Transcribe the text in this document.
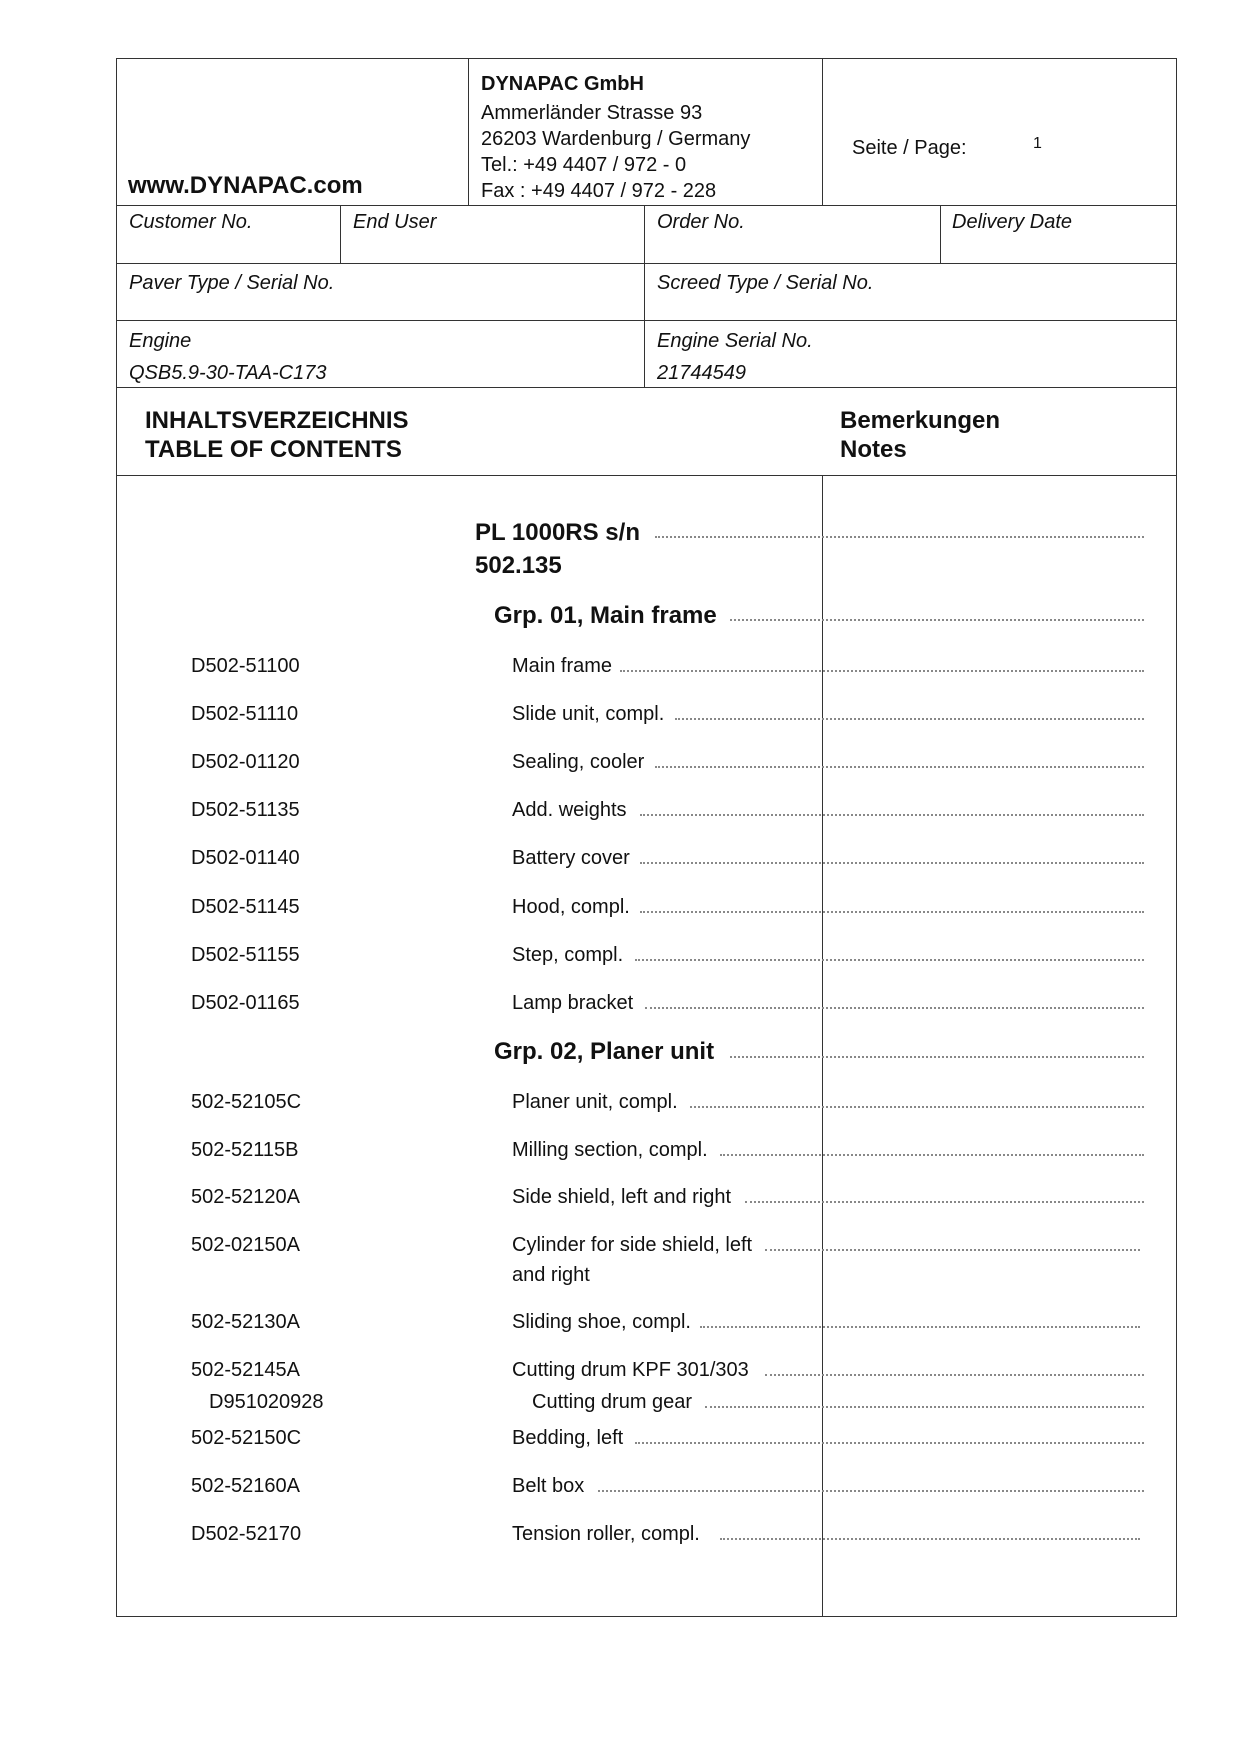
www.DYNAPAC.com
DYNAPAC GmbH
Ammerländer Strasse 93
26203 Wardenburg / Germany
Tel.: +49 4407 / 972 - 0
Fax : +49 4407 / 972 - 228
Seite / Page:	1
Customer No.	End User	Order No.	Delivery Date
Paver Type / Serial No.	Screed Type / Serial No.
Engine
QSB5.9-30-TAA-C173
Engine Serial No.
21744549
INHALTSVERZEICHNIS
TABLE OF CONTENTS
Bemerkungen
Notes
PL 1000RS s/n
502.135
Grp. 01, Main frame
D502-51100	Main frame
D502-51110	Slide unit, compl.
D502-01120	Sealing, cooler
D502-51135	Add. weights
D502-01140	Battery cover
D502-51145	Hood, compl.
D502-51155	Step, compl.
D502-01165	Lamp bracket
Grp. 02, Planer unit
502-52105C	Planer unit, compl.
502-52115B	Milling section, compl.
502-52120A	Side shield, left and right
502-02150A	Cylinder for side shield, left
and right
502-52130A	Sliding shoe, compl.
502-52145A	Cutting drum KPF 301/303
D951020928	Cutting drum gear
502-52150C	Bedding, left
502-52160A	Belt box
D502-52170	Tension roller, compl.
